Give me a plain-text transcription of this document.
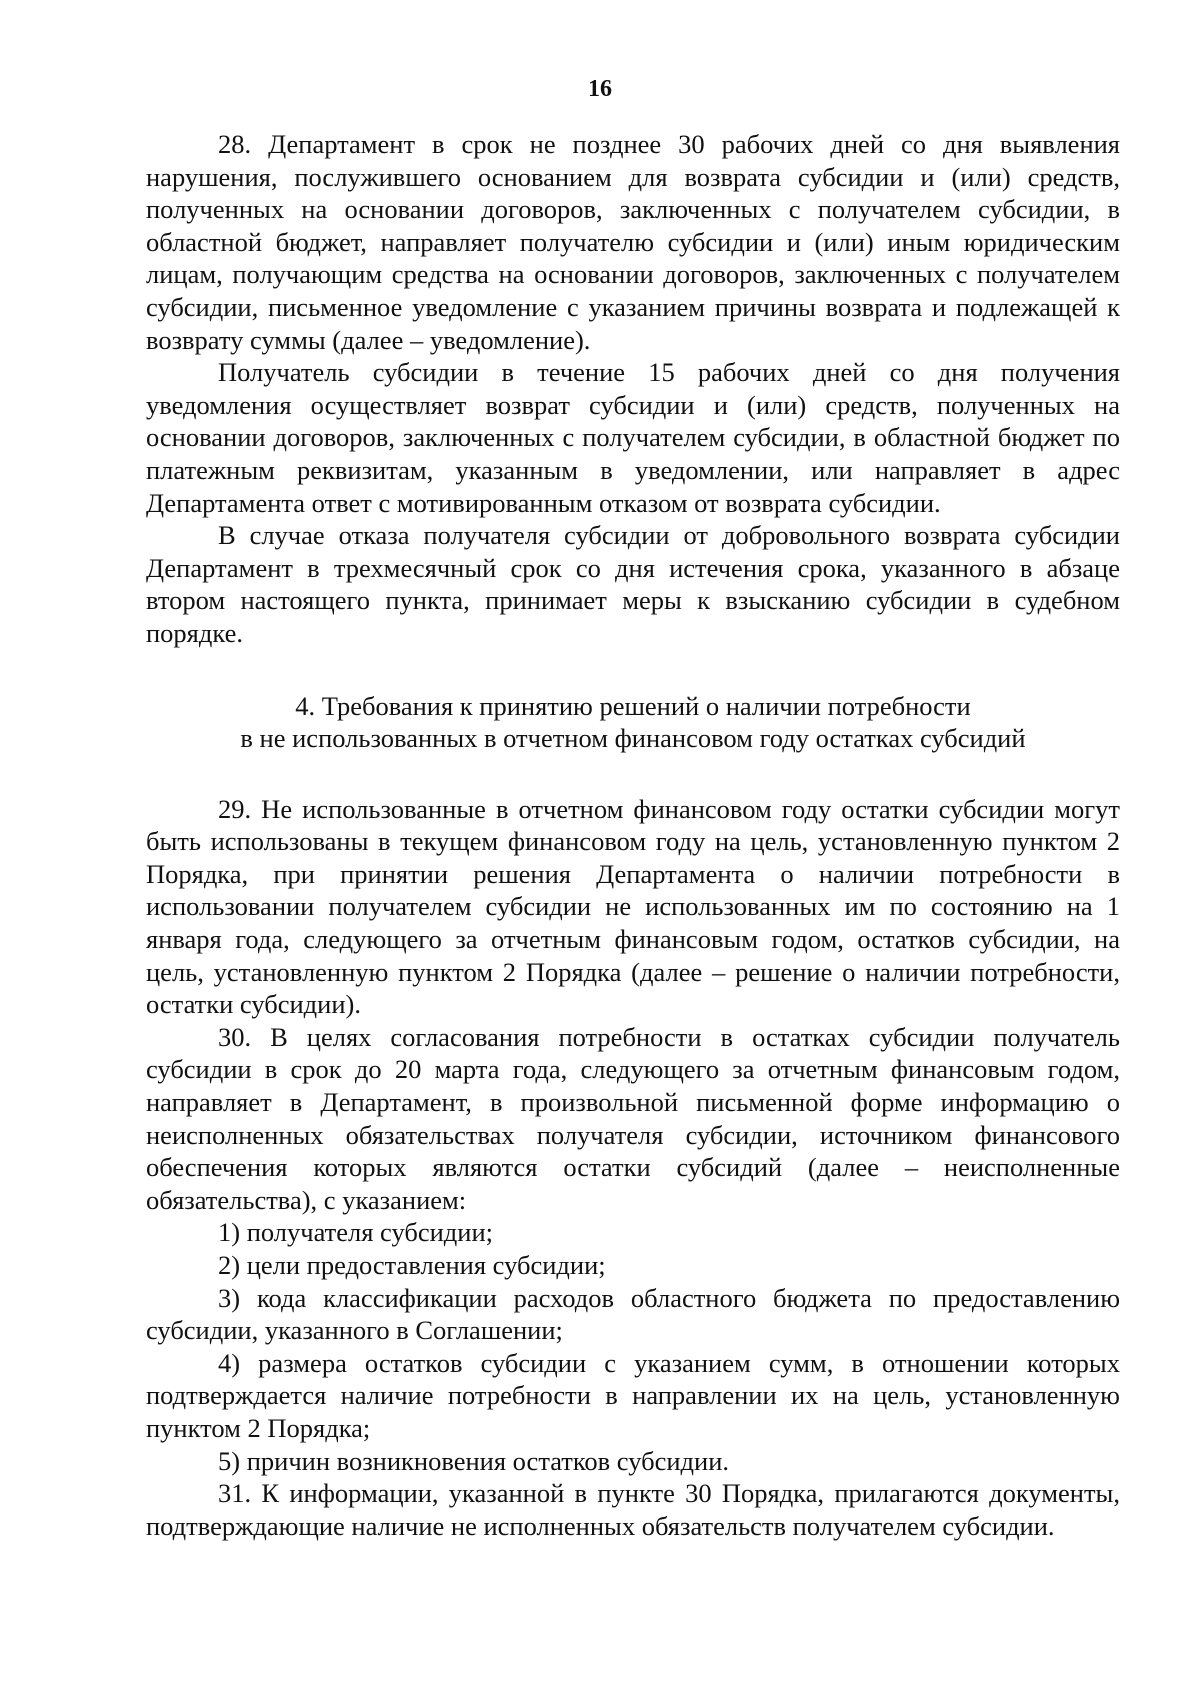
16

28. Департамент в срок не позднее 30 рабочих дней со дня выявления нарушения, послужившего основанием для возврата субсидии и (или) средств, полученных на основании договоров, заключенных с получателем субсидии, в областной бюджет, направляет получателю субсидии и (или) иным юридическим лицам, получающим средства на основании договоров, заключенных с получателем субсидии, письменное уведомление с указанием причины возврата и подлежащей к возврату суммы (далее – уведомление).

Получатель субсидии в течение 15 рабочих дней со дня получения уведомления осуществляет возврат субсидии и (или) средств, полученных на основании договоров, заключенных с получателем субсидии, в областной бюджет по платежным реквизитам, указанным в уведомлении, или направляет в адрес Департамента ответ с мотивированным отказом от возврата субсидии.

В случае отказа получателя субсидии от добровольного возврата субсидии Департамент в трехмесячный срок со дня истечения срока, указанного в абзаце втором настоящего пункта, принимает меры к взысканию субсидии в судебном порядке.

4. Требования к принятию решений о наличии потребности
в не использованных в отчетном финансовом году остатках субсидий

29. Не использованные в отчетном финансовом году остатки субсидии могут быть использованы в текущем финансовом году на цель, установленную пунктом 2 Порядка, при принятии решения Департамента о наличии потребности в использовании получателем субсидии не использованных им по состоянию на 1 января года, следующего за отчетным финансовым годом, остатков субсидии, на цель, установленную пунктом 2 Порядка (далее – решение о наличии потребности, остатки субсидии).

30. В целях согласования потребности в остатках субсидии получатель субсидии в срок до 20 марта года, следующего за отчетным финансовым годом, направляет в Департамент, в произвольной письменной форме информацию о неисполненных обязательствах получателя субсидии, источником финансового обеспечения которых являются остатки субсидий (далее – неисполненные обязательства), с указанием:

1) получателя субсидии;

2) цели предоставления субсидии;

3) кода классификации расходов областного бюджета по предоставлению субсидии, указанного в Соглашении;

4) размера остатков субсидии с указанием сумм, в отношении которых подтверждается наличие потребности в направлении их на цель, установленную пунктом 2 Порядка;

5) причин возникновения остатков субсидии.

31. К информации, указанной в пункте 30 Порядка, прилагаются документы, подтверждающие наличие не исполненных обязательств получателем субсидии.
